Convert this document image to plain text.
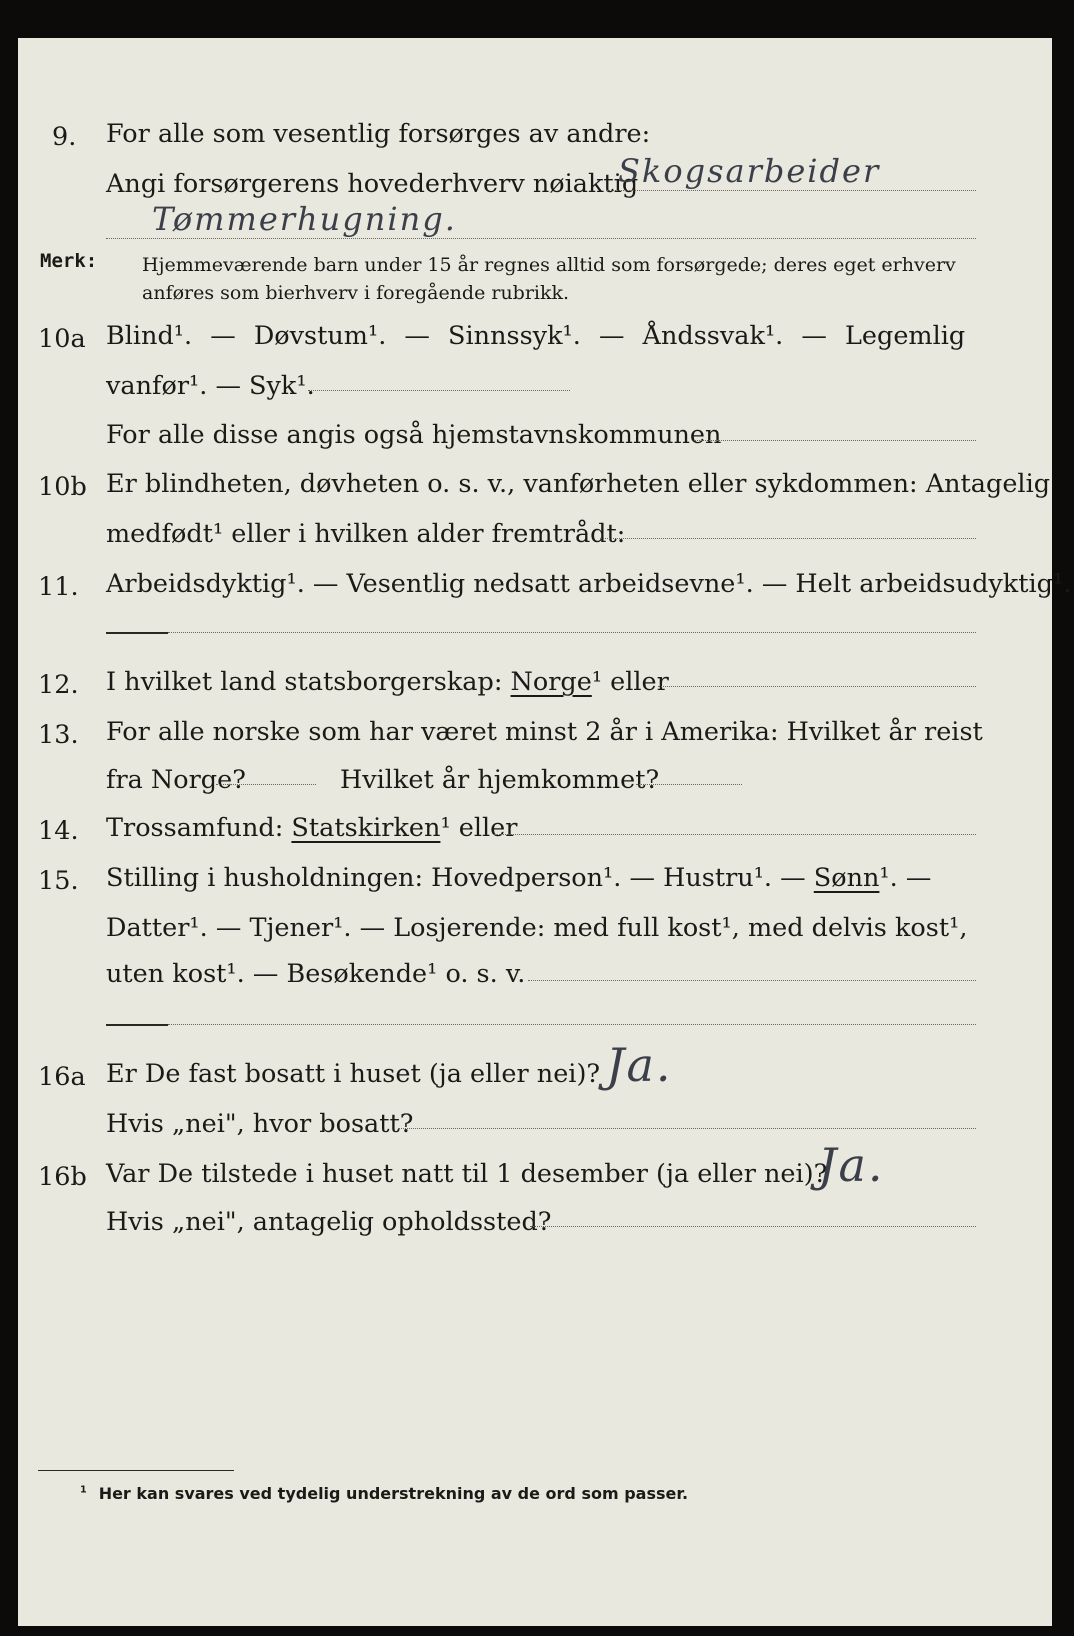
9. For alle som vesentlig forsørges av andre:
Angi forsørgerens hovederhverv nøiaktig
Skogsarbeider
Tømmerhugning.
Merk: Hjemmeværende barn under 15 år regnes alltid som forsørgede; deres eget erhverv
anføres som bierhverv i foregående rubrikk.
10a Blind¹. — Døvstum¹. — Sinnssyk¹. — Åndssvak¹. — Legemlig
vanfør¹. — Syk¹.
For alle disse angis også hjemstavnskommunen
10b Er blindheten, døvheten o. s. v., vanførheten eller sykdommen: Antagelig
medfødt¹ eller i hvilken alder fremtrådt:
11. Arbeidsdyktig¹. — Vesentlig nedsatt arbeidsevne¹. — Helt arbeidsudyktig¹.
12. I hvilket land statsborgerskap: Norge¹ eller
13. For alle norske som har været minst 2 år i Amerika: Hvilket år reist
fra Norge?	Hvilket år hjemkommet?
14. Trossamfund: Statskirken¹ eller
15. Stilling i husholdningen: Hovedperson¹. — Hustru¹. — Sønn¹. —
Datter¹. — Tjener¹. — Losjerende: med full kost¹, med delvis kost¹,
uten kost¹. — Besøkende¹ o. s. v.
16a Er De fast bosatt i huset (ja eller nei)? Ja.
Hvis „nei", hvor bosatt?
16b Var De tilstede i huset natt til 1 desember (ja eller nei)?
Ja.
Hvis „nei", antagelig opholdssted?
$^1$ Her kan svares ved tydelig understrekning av de ord som passer.
